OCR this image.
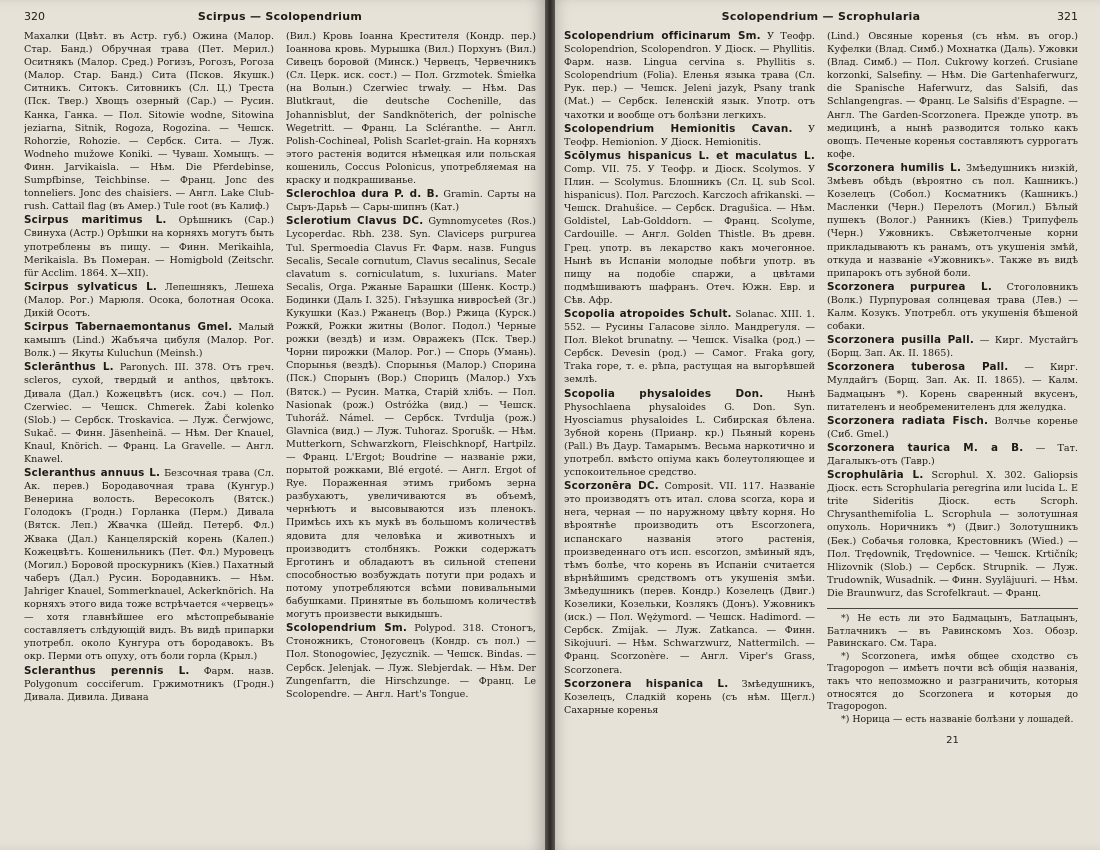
320	Scirpus — Scolopendrium

Махалки (Цвѣт. въ Астр. губ.) Ожина (Малор. Стар. Банд.) Обручная трава (Пет. Мерил.) Оситнякъ (Малор. Сред.) Рогизъ, Рогозъ, Рогоза (Малор. Стар. Банд.) Сита (Псков. Якушк.) Ситникъ. Ситокъ. Ситовникъ (Сл. Ц.) Треста (Пск. Твер.) Хвощъ озерный (Сар.) — Русин. Канка, Ганка. — Пол. Sitowie wodne, Sitowina jeziarna, Sitnik, Rogoza, Rogozina. — Чешск. Rohorzie, Rohozie. — Сербск. Сита. — Луж. Wodneho mužowe Koniki. — Чуваш. Хомыщъ. — Финн. Jarvikaisla. — Нѣм. Die Pferdebinse, Sumpfbinse, Teichbinse. — Франц. Jonc des tonneliers. Jonc des chaisiers. — Англ. Lake Club-rush. Cattail flag (въ Амер.) Tule root (въ Калиф.)

Scirpus maritimus L. Орѣшникъ (Сар.) Свинуха (Астр.) Орѣшки на корняхъ могутъ быть употреблены въ пищу. — Финн. Merikaihla, Merikaisla. Въ Померан. — Homigbold (Zeitschr. für Acclim. 1864. X—XII).

Scirpus sylvaticus L. Лепешнякъ, Лешеха (Малор. Рог.) Марюля. Осока, болотная Осока. Дикій Осотъ.

Scirpus Tabernaemontanus Gmel. Малый камышъ (Lind.) Жабъяча цибуля (Малор. Рог. Волк.) — Якуты Kuluchun (Meinsh.)

Sclerānthus L. Paronych. III. 378. Отъ греч. scleros, сухой, твердый и anthos, цвѣтокъ. Дивала (Дал.) Кожецвѣтъ (иск. соч.) — Пол. Czerwiec. — Чешск. Chmerek. Žabi kolenko (Slob.) — Сербск. Troskavica. — Луж. Čerwjowc, Sukač. — Финн. Jäsenheinä. — Нѣм. Der Knauel, Knaul, Knörich. — Франц. La Gravelle. — Англ. Knawel.

Scleranthus annuus L. Безсочная трава (Сл. Ак. перев.) Бородавочная трава (Кунгур.) Венерина волость. Вересоколъ (Вятск.) Голодокъ (Гродн.) Горланка (Перм.) Дивала (Вятск. Леп.) Жвачка (Шейд. Петерб. Фл.) Жвака (Дал.) Канцелярскій корень (Калеп.) Кожецвѣтъ. Кошенильникъ (Пет. Фл.) Муровецъ (Могил.) Боровой проскурникъ (Кіев.) Пахатный чаберъ (Дал.) Русин. Бородавникъ. — Нѣм. Jahriger Knauel, Sommerknauel, Ackerknörich. На корняхъ этого вида тоже встрѣчается «червецъ» — хотя главнѣйшее его мѣстопребываніе составляетъ слѣдующій видъ. Въ видѣ припарки употребл. около Кунгура отъ бородавокъ. Въ окр. Перми отъ опуху, отъ боли горла (Крыл.)

Scleranthus perennis L. Фарм. назв. Polygonum cocciferum. Гржимотникъ (Гродн.) Дивала. Дивила. Дивана

(Вил.) Кровь Іоанна Крестителя (Кондр. пер.) Іоаннова кровь. Мурышка (Вил.) Порхунъ (Вил.) Сивецъ боровой (Минск.) Червецъ, Червечникъ (Сл. Церк. иск. сост.) — Пол. Grzmotek. Śmiełka (на Волын.) Czerwiec trwały. — Нѣм. Das Blutkraut, die deutsche Cochenille, das Johannisblut, der Sandknöterich, der polnische Wegetritt. — Франц. La Scléranthe. — Англ. Polish-Cochineal, Polish Scarlet-grain. На корняхъ этого растенія водится нѣмецкая или польская кошениль, Coccus Polonicus, употребляемая на краску и подкрашиванье.

Sclerochloa dura P. d. B. Gramin. Сарты на Сыръ-Дарьѣ — Сары-шипнъ (Кат.)

Sclerotium Clavus DC. Gymnomycetes (Ros.) Lycoperdac. Rbh. 238. Syn. Claviceps purpurea Tul. Spermoedia Clavus Fr. Фарм. назв. Fungus Secalis, Secale cornutum, Clavus secalinus, Secale clavatum s. corniculatum, s. luxurians. Mater Secalis, Orga. Ржаные Барашки (Шенк. Костр.) Бодинки (Даль I. 325). Гнѣзушка нивросѣей (Зг.) Кукушки (Каз.) Ржанецъ (Вор.) Ржица (Курск.) Рожкй, Рожки житны (Волог. Подол.) Черные рожки (вездѣ) и изм. Овражекъ (Пск. Твер.) Чорни пирожки (Малор. Рог.) — Спорь (Умань). Спорынья (вездѣ). Спорынья (Малор.) Спорина (Пск.) Спорынъ (Вор.) Спорицъ (Малор.) Ухъ (Вятск.) — Русин. Матка, Старій хлібъ. — Пол. Nasionak (рож.) Ostróżka (вид.) — Чешск. Tuhoráž. Námel. — Сербск. Tvrdulja (рож.) Glavnica (вид.) — Луж. Tuhoraz. Sporušk. — Нѣм. Mutterkorn, Schwarzkorn, Fleischknopf, Hartpilz. — Франц. L'Ergot; Boudrine — названіе ржи, порытой рожками, Blé ergoté. — Англ. Ergot of Rye. Пораженная этимъ грибомъ зерна разбухаютъ, увеличиваются въ объемѣ, чернѣютъ и высовываются изъ пленокъ. Примѣсь ихъ къ мукѣ въ большомъ количествѣ ядовита для человѣка и животныхъ и производитъ столбнякъ. Рожки содержатъ Ерготинъ и обладаютъ въ сильной степени способностью возбуждать потуги при родахъ и потому употребляются всѣми повивальными бабушками. Принятые въ большомъ количествѣ могутъ произвести выкидышъ.

Scolopendrium Sm. Polypod. 318. Стоногъ, Стоножникъ, Стоноговецъ (Кондр. съ пол.) — Пол. Stonogowiec, Języcznik. — Чешск. Bindas. — Сербск. Jelenjak. — Луж. Slebjerdak. — Нѣм. Der Zungenfarrn, die Hirschzunge. — Франц. Le Scolopendre. — Англ. Hart's Tongue.

Scolopendrium — Scrophularia	321

Scolopendrium officinarum Sm. У Теофр. Scolopendrion, Scolopendron. У Діоск. — Phyllitis. Фарм. назв. Lingua cervina s. Phyllitis s. Scolopendrium (Folia). Еленья языка трава (Сл. Рук. пер.) — Чешск. Jeleni jazyk, Psany trank (Mat.) — Сербск. Іеленскій язык. Употр. отъ чахотки и вообще отъ болѣзни легкихъ.

Scolopendrium Hemionitis Cavan. У Теофр. Hemionion. У Діоск. Hemionitis.

Scōlymus hispanicus L. et maculatus L. Comp. VII. 75. У Теофр. и Діоск. Scolymos. У Плин. — Scolymus. Блошникъ (Сл. Ц. sub Scol. hispanicus). Пол. Parczoch. Karczoch afrikanski. — Чешск. Drahušice. — Сербск. Dragušica. — Нѣм. Goldistel, Lab-Golddorn. — Франц. Scolyme, Cardouille. — Англ. Golden Thistle. Въ древн. Грец. употр. въ лекарство какъ мочегонное. Нынѣ въ Испаніи молодые побѣги употр. въ пищу на подобіе спаржи, а цвѣтами подмѣшиваютъ шафранъ. Отеч. Южн. Евр. и Сѣв. Афр.

Scopolia atropoides Schult. Solanac. XIII. 1. 552. — Русины Галасове зілло. Мандрегуля. — Пол. Blekot brunatny. — Чешск. Visalka (род.) — Сербск. Devesin (род.) — Самог. Fraka gory, Traka rope, т. е. рѣпа, растущая на выгорѣвшей землѣ.

Scopolia physaloides Don. Нынѣ Physochlaena physaloides G. Don. Syn. Hyosciamus physaloides L. Сибирская бѣлена. Зубной корень (Прианр. кр.) Пьяный корень (Pall.) Въ Даур. Тамарымъ. Весьма наркотично и употребл. вмѣсто опіума какъ болеутоляющее и успокоительное средство.

Scorzonēra DC. Composit. VII. 117. Названіе это производятъ отъ итал. слова scorza, кора и нera, черная — по наружному цвѣту корня. Но вѣроятнѣе производить отъ Escorzonera, испанскаго названія этого растенія, произведеннаго отъ исп. escorzon, змѣиный ядъ, тѣмъ болѣе, что корень въ Испаніи считается вѣрнѣйшимъ средствомъ отъ укушенія змѣи. Змѣедушникъ (перев. Кондр.) Козелецъ (Двиг.) Козелики, Козельки, Козлякъ (Донъ). Ужовникъ (иск.) — Пол. Wężymord. — Чешск. Hadimord. — Сербск. Zmijak. — Луж. Zatkanca. — Финн. Sikojuuri. — Нѣм. Schwarzwurz, Nattermilch. — Франц. Scorzonère. — Англ. Viper's Grass, Scorzonera.

Scorzonera hispanica L. Змѣедушникъ, Козелецъ, Сладкій корень (съ нѣм. Щегл.) Сахарные коренья

(Lind.) Овсяные коренья (съ нѣм. въ огор.) Куфелки (Влад. Симб.) Мохнатка (Даль). Ужовки (Влад. Симб.) — Пол. Cukrowy korzeń. Crusiane korzonki, Salsefiny. — Нѣм. Die Gartenhaferwurz, die Spanische Haferwurz, das Salsifi, das Schlangengras. — Франц. Le Salsifis d'Espagne. — Англ. The Garden-Scorzonera. Прежде употр. въ медицинѣ, а нынѣ разводится только какъ овощъ. Печеные коренья составляютъ суррогатъ кофе.

Scorzonera humilis L. Змѣедушникъ низкій, Змѣевъ обѣдъ (вѣроятно съ пол. Кашникъ.) Козелецъ (Собол.) Косматникъ (Кашникъ.) Масленки (Черн.) Перелотъ (Могил.) Бѣлый пушекъ (Волог.) Ранникъ (Кіев.) Трипуфель (Черн.) Ужовникъ. Свѣжетолченые корни прикладываютъ къ ранамъ, отъ укушенія змѣй, откуда и названіе «Ужовникъ». Также въ видѣ припарокъ отъ зубной боли.

Scorzonera purpurea L. Стоголовникъ (Волк.) Пурпуровая солнцевая трава (Лев.) — Калм. Козукъ. Употребл. отъ укушенія бѣшеной собаки.

Scorzonera pusilla Pall. — Кирг. Мустайгъ (Борщ. Зап. Ак. II. 1865).

Scorzonera tuberosa Pall. — Кирг. Мулдайгъ (Борщ. Зап. Ак. II. 1865). — Калм. Бадмацынъ *). Корень сваренный вкусенъ, питателенъ и необременителенъ для желудка.

Scorzonera radiata Fisch. Волчье коренье (Сиб. Gmel.)

Scorzonera taurica M. a B. — Тат. Дагалыкъ-отъ (Тавр.)

Scrophulāria L. Scrophul. X. 302. Galiopsis Діоск. есть Scrophularia peregrina или lucida L. E trite Sideritis Діоск. есть Scroph. Chrysanthemifolia L. Scrophula — золотушная опухоль. Норичникъ *) (Двиг.) Золотушникъ (Бек.) Собачья головка, Крестовникъ (Wied.) — Пол. Trędownik, Trędownice. — Чешск. Krtičník; Hlizovnik (Slob.) — Сербск. Strupnik. — Луж. Trudownik, Wusadnik. — Финн. Syyläjuuri. — Нѣм. Die Braunwurz, das Scrofelkraut. — Франц.

*) Не есть ли это Бадмацынъ, Батлацынъ, Батлачникъ — въ Равинскомъ Хоз. Обозр. Равинскаго. См. Тара.

*) Scorzonera, имѣя общее сходство съ Tragopogon — имѣетъ почти всѣ общія названія, такъ что непозможно и разграничить, которыя относятся до Scorzonera и которыя до Tragopogon.

*) Норица — есть названіе болѣзни у лошадей.

21
